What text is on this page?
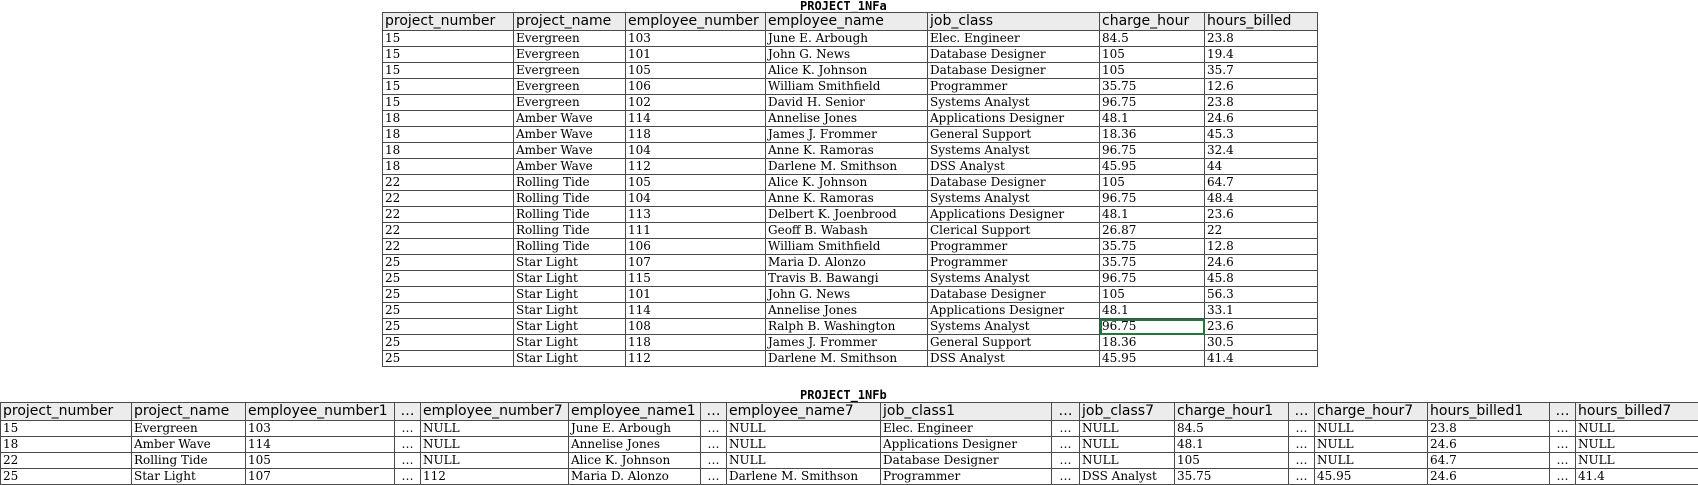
PROJECT_1NFa
project_number	project_name	employee_number	employee_name	job_class	charge_hour	hours_billed
15	Evergreen	103	June E. Arbough	Elec. Engineer	84.5	23.8
15	Evergreen	101	John G. News	Database Designer	105	19.4
15	Evergreen	105	Alice K. Johnson	Database Designer	105	35.7
15	Evergreen	106	William Smithfield	Programmer	35.75	12.6
15	Evergreen	102	David H. Senior	Systems Analyst	96.75	23.8
18	Amber Wave	114	Annelise Jones	Applications Designer	48.1	24.6
18	Amber Wave	118	James J. Frommer	General Support	18.36	45.3
18	Amber Wave	104	Anne K. Ramoras	Systems Analyst	96.75	32.4
18	Amber Wave	112	Darlene M. Smithson	DSS Analyst	45.95	44
22	Rolling Tide	105	Alice K. Johnson	Database Designer	105	64.7
22	Rolling Tide	104	Anne K. Ramoras	Systems Analyst	96.75	48.4
22	Rolling Tide	113	Delbert K. Joenbrood	Applications Designer	48.1	23.6
22	Rolling Tide	111	Geoff B. Wabash	Clerical Support	26.87	22
22	Rolling Tide	106	William Smithfield	Programmer	35.75	12.8
25	Star Light	107	Maria D. Alonzo	Programmer	35.75	24.6
25	Star Light	115	Travis B. Bawangi	Systems Analyst	96.75	45.8
25	Star Light	101	John G. News	Database Designer	105	56.3
25	Star Light	114	Annelise Jones	Applications Designer	48.1	33.1
25	Star Light	108	Ralph B. Washington	Systems Analyst	96.75	23.6
25	Star Light	118	James J. Frommer	General Support	18.36	30.5
25	Star Light	112	Darlene M. Smithson	DSS Analyst	45.95	41.4
PROJECT_1NFb
project_number	project_name	employee_number1	…	employee_number7	employee_name1	…	employee_name7	job_class1	…	job_class7	charge_hour1	…	charge_hour7	hours_billed1	…	hours_billed7
15	Evergreen	103	…	NULL	June E. Arbough	…	NULL	Elec. Engineer	…	NULL	84.5	…	NULL	23.8	…	NULL
18	Amber Wave	114	…	NULL	Annelise Jones	…	NULL	Applications Designer	…	NULL	48.1	…	NULL	24.6	…	NULL
22	Rolling Tide	105	…	NULL	Alice K. Johnson	…	NULL	Database Designer	…	NULL	105	…	NULL	64.7	…	NULL
25	Star Light	107	…	112	Maria D. Alonzo	…	Darlene M. Smithson	Programmer	…	DSS Analyst	35.75	…	45.95	24.6	…	41.4
